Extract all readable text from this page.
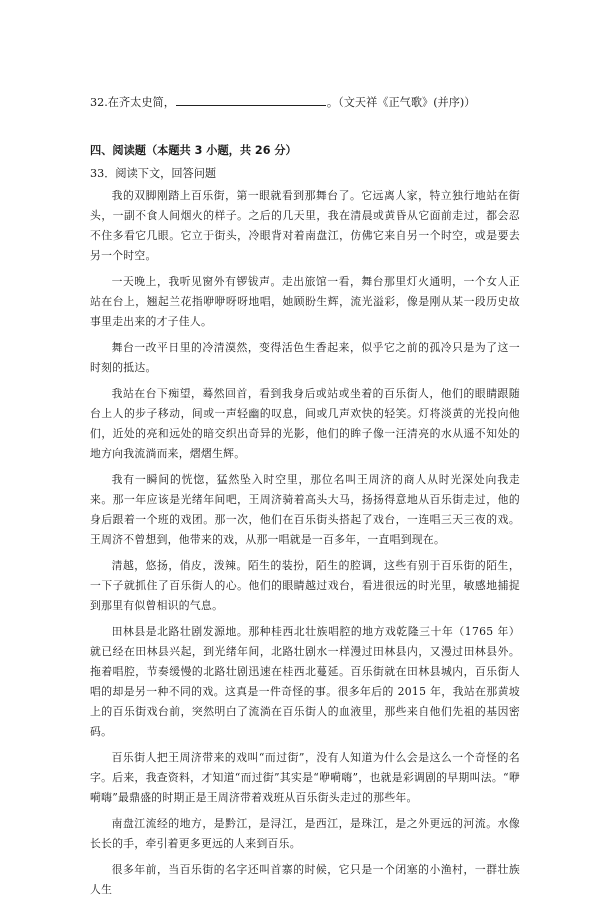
32.在齐太史简，	。（文天祥《正气歌》(并序)）

四、阅读题（本题共 3 小题，共 26 分）

33．阅读下文，回答问题

我的双脚刚踏上百乐街，第一眼就看到那舞台了。它远离人家，特立独行地站在街头，一副不食人间烟火的样子。之后的几天里，我在清晨或黄昏从它面前走过，都会忍不住多看它几眼。它立于街头，冷眼背对着南盘江，仿佛它来自另一个时空，或是要去另一个时空。

一天晚上，我听见窗外有锣钹声。走出旅馆一看，舞台那里灯火通明，一个女人正站在台上，翘起兰花指咿咿呀呀地唱，她顾盼生辉，流光溢彩，像是刚从某一段历史故事里走出来的才子佳人。

舞台一改平日里的冷清漠然，变得活色生香起来，似乎它之前的孤冷只是为了这一时刻的抵达。

我站在台下痴望，蓦然回首，看到我身后或站或坐着的百乐街人，他们的眼睛跟随台上人的步子移动，间或一声轻幽的叹息，间或几声欢快的轻笑。灯将淡黄的光投向他们，近处的亮和远处的暗交织出奇异的光影，他们的眸子像一汪清亮的水从遥不知处的地方向我流淌而来，熠熠生辉。

我有一瞬间的恍惚，猛然坠入时空里，那位名叫王周济的商人从时光深处向我走来。那一年应该是光绪年间吧，王周济骑着高头大马，扬扬得意地从百乐街走过，他的身后跟着一个班的戏团。那一次，他们在百乐街头搭起了戏台，一连唱三天三夜的戏。王周济不曾想到，他带来的戏，从那一唱就是一百多年，一直唱到现在。

清越，悠扬，俏皮，泼辣。陌生的装扮，陌生的腔调，这些有别于百乐街的陌生，一下子就抓住了百乐街人的心。他们的眼睛越过戏台，看进很远的时光里，敏感地捕捉到那里有似曾相识的气息。

田林县是北路壮剧发源地。那种桂西北壮族唱腔的地方戏乾隆三十年（1765 年）就已经在田林县兴起，到光绪年间，北路壮剧水一样漫过田林县内，又漫过田林县外。拖着唱腔，节奏缓慢的北路壮剧迅速在桂西北蔓延。百乐街就在田林县城内，百乐街人唱的却是另一种不同的戏。这真是一件奇怪的事。很多年后的 2015 年，我站在那黄坡上的百乐街戏台前，突然明白了流淌在百乐街人的血液里，那些来自他们先祖的基因密码。

百乐街人把王周济带来的戏叫“而过街”，没有人知道为什么会是这么一个奇怪的名字。后来，我查资料，才知道“而过街”其实是“咿嗬嗨”，也就是彩调剧的早期叫法。“咿嗬嗨”最鼎盛的时期正是王周济带着戏班从百乐街头走过的那些年。

南盘江流经的地方，是黔江，是浔江，是西江，是珠江，是之外更远的河流。水像长长的手，牵引着更多更远的人来到百乐。

很多年前，当百乐街的名字还叫首寨的时候，它只是一个闭塞的小渔村，一群壮族人生
